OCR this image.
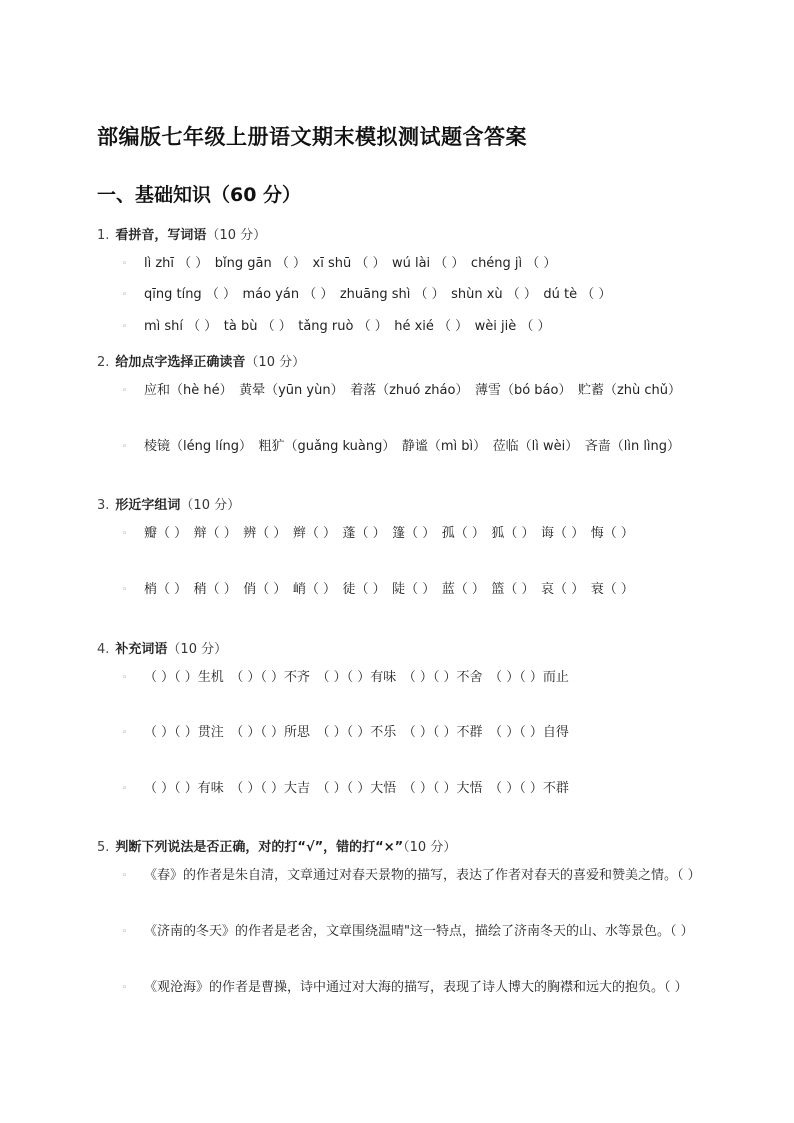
部编版七年级上册语文期末模拟测试题含答案
一、基础知识（60 分）
1. 看拼音，写词语（10 分）
◦ lì zhī （ ）　bǐng gān （ ）　xī shū （ ）　wú lài （ ）　chéng jì （ ）
◦ qīng tíng （ ）　máo yán （ ）　zhuāng shì （ ）　shùn xù （ ）　dú tè （ ）
◦ mì shí （ ）　tà bù （ ）　tǎng ruò （ ）　hé xié （ ）　wèi jiè （ ）
2. 给加点字选择正确读音（10 分）
◦ 应和（hè hé）　黄晕（yūn yùn）　着落（zhuó zháo）　薄雪（bó báo）　贮蓄（zhù chǔ）
◦ 棱镜（léng líng）　粗犷（guǎng kuàng）　静谧（mì bì）　莅临（lì wèi）　吝啬（lìn lìng）
3. 形近字组词（10 分）
◦ 瓣（ ）　辩（ ）　辨（ ）　辫（ ）　蓬（ ）　篷（ ）　孤（ ）　狐（ ）　诲（ ）　悔（ ）
◦ 梢（ ）　稍（ ）　俏（ ）　峭（ ）　徒（ ）　陡（ ）　蓝（ ）　篮（ ）　哀（ ）　衰（ ）
4. 补充词语（10 分）
◦ （ ）（ ）生机　（ ）（ ）不齐　（ ）（ ）有味　（ ）（ ）不舍　（ ）（ ）而止
◦ （ ）（ ）贯注　（ ）（ ）所思　（ ）（ ）不乐　（ ）（ ）不群　（ ）（ ）自得
◦ （ ）（ ）有味　（ ）（ ）大吉　（ ）（ ）大悟　（ ）（ ）大悟　（ ）（ ）不群
5. 判断下列说法是否正确，对的打“√”，错的打“×”（10 分）
◦ 《春》的作者是朱自清，文章通过对春天景物的描写，表达了作者对春天的喜爱和赞美之情。（ ）
◦ 《济南的冬天》的作者是老舍，文章围绕温晴"这一特点，描绘了济南冬天的山、水等景色。（ ）
◦ 《观沧海》的作者是曹操，诗中通过对大海的描写，表现了诗人博大的胸襟和远大的抱负。（ ）
